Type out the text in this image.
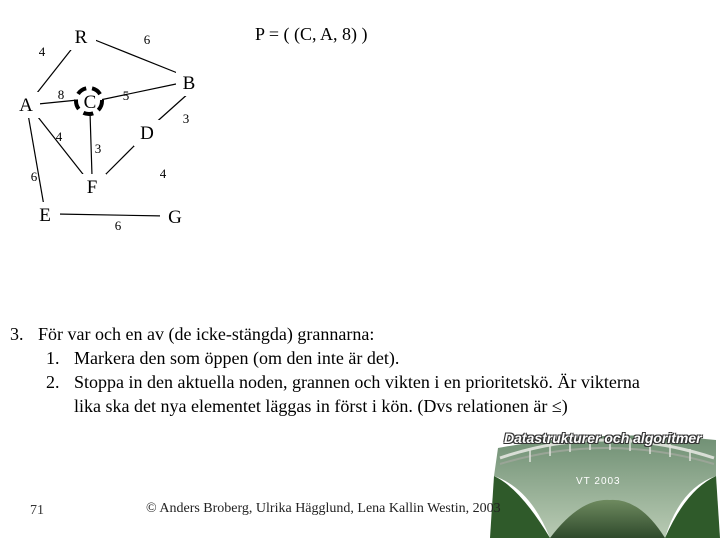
R
B
A	C
D
F
E	G
4
6
8	5
3
6
4
3
4
6
P = ( (C, A, 8) )
3. För var och en av (de icke-stängda) grannarna:
1. Markera den som öppen (om den inte är det).
2. Stoppa in den aktuella noden, grannen och vikten i en prioritetskö. Är vikterna
lika ska det nya elementet läggas in först i kön. (Dvs relationen är ≤)
Datastrukturer och algoritmer
VT 2003
71	© Anders Broberg, Ulrika Hägglund, Lena Kallin Westin, 2003
